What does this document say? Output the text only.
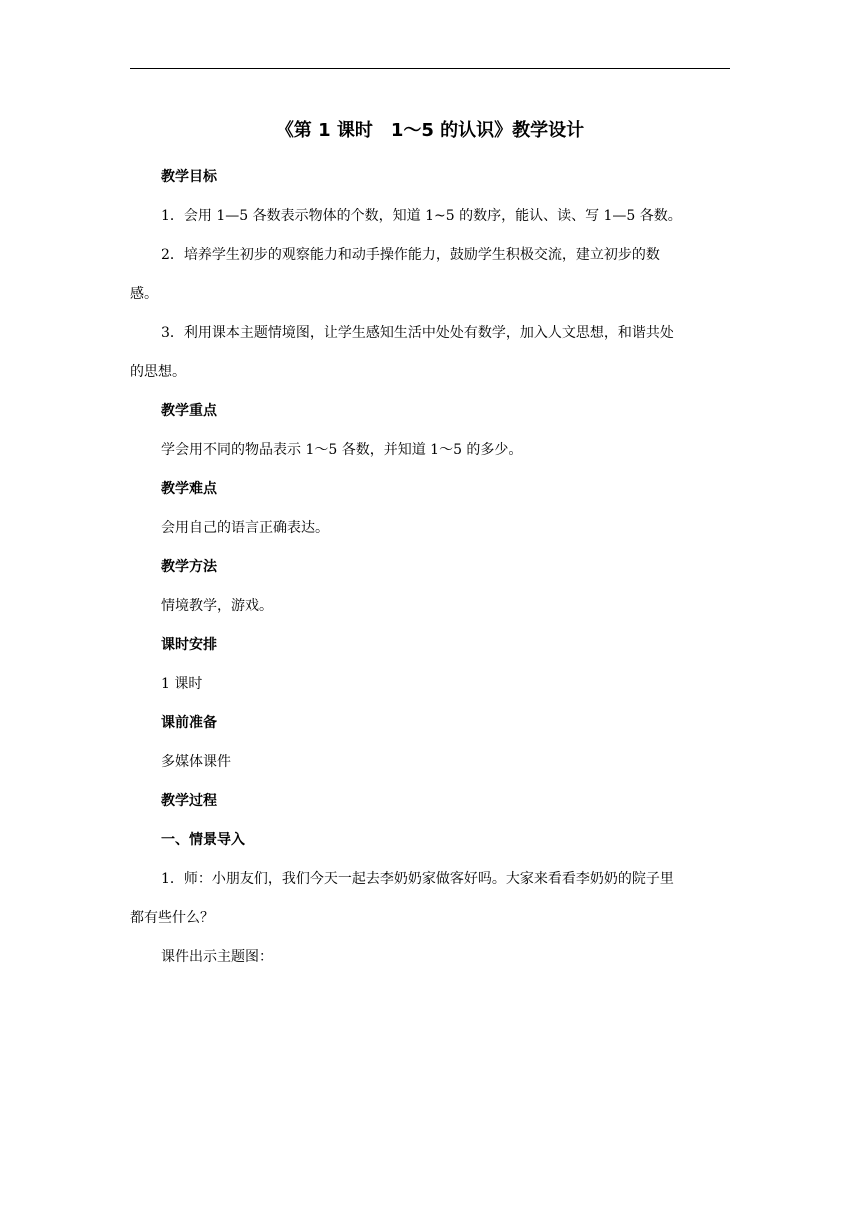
《第 1 课时　1～5 的认识》教学设计
教学目标
1．会用 1—5 各数表示物体的个数，知道 1~5 的数序，能认、读、写 1—5 各数。
2．培养学生初步的观察能力和动手操作能力，鼓励学生积极交流，建立初步的数
感。
3．利用课本主题情境图，让学生感知生活中处处有数学，加入人文思想，和谐共处
的思想。
教学重点
学会用不同的物品表示 1～5 各数，并知道 1～5 的多少。
教学难点
会用自己的语言正确表达。
教学方法
情境教学，游戏。
课时安排
1 课时
课前准备
多媒体课件
教学过程
一、情景导入
1．师：小朋友们，我们今天一起去李奶奶家做客好吗。大家来看看李奶奶的院子里
都有些什么？
课件出示主题图：
